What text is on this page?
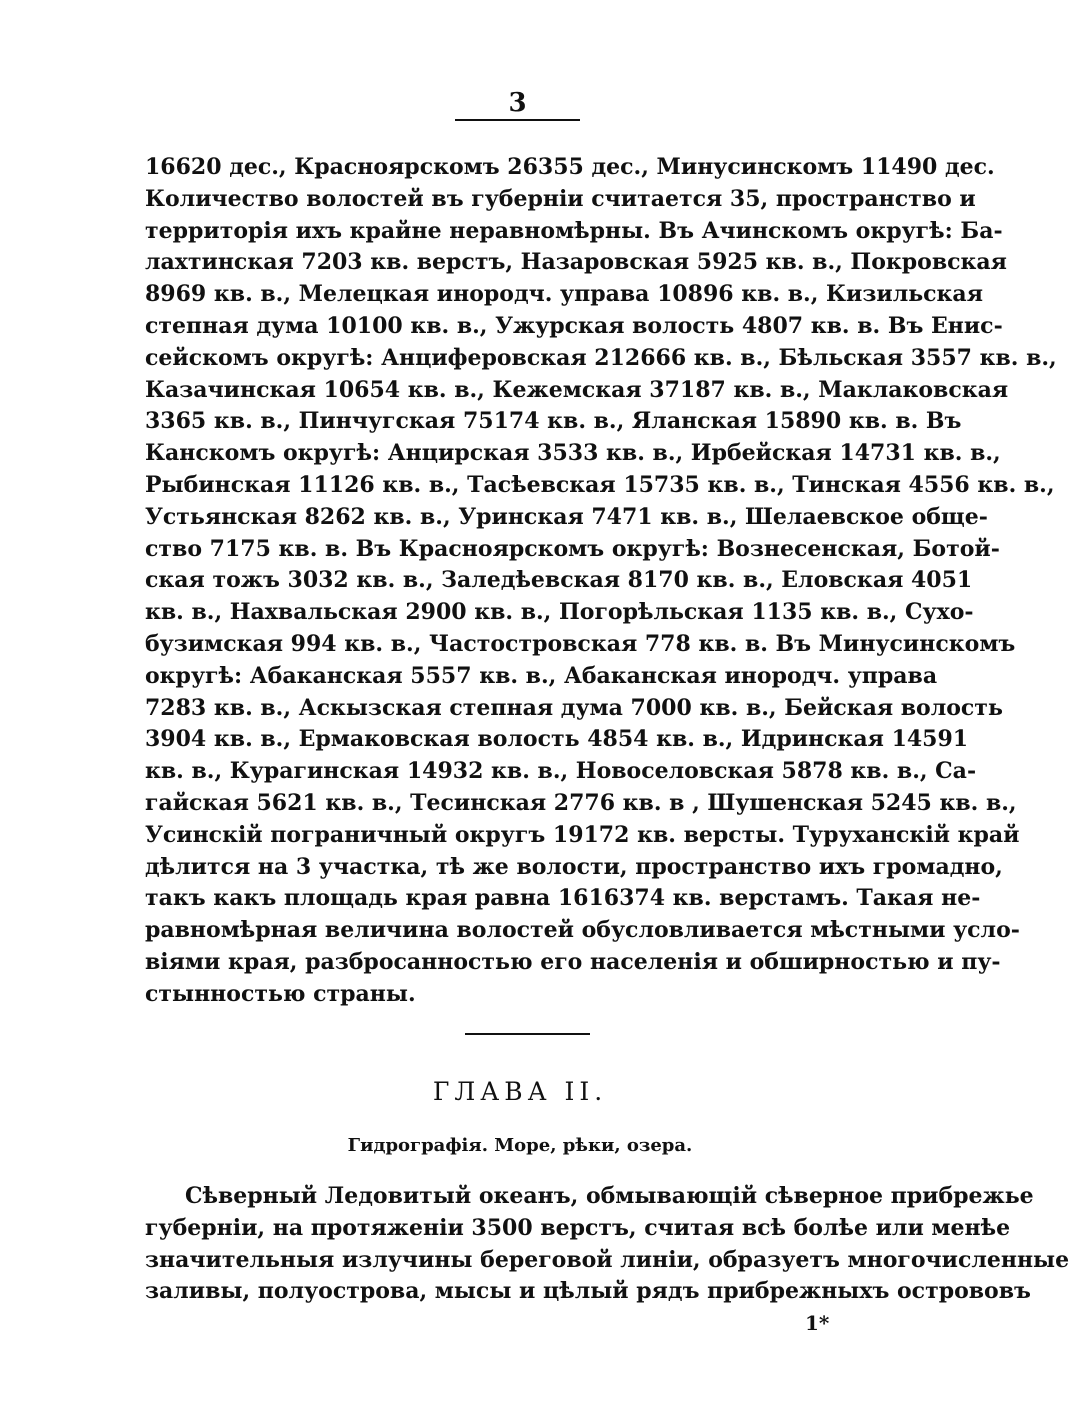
3
16620 дес., Красноярскомъ 26355 дес., Минусинскомъ 11490 дес.
Количество волостей въ губерніи считается 35, пространство и
территорія ихъ крайне неравномѣрны. Въ Ачинскомъ округѣ: Ба-
лахтинская 7203 кв. верстъ, Назаровская 5925 кв. в., Покровская
8969 кв. в., Мелецкая инородч. управа 10896 кв. в., Кизильская
степная дума 10100 кв. в., Ужурская волость 4807 кв. в. Въ Енис-
сейскомъ округѣ: Анциферовская 212666 кв. в., Бѣльская 3557 кв. в.,
Казачинская 10654 кв. в., Кежемская 37187 кв. в., Маклаковская
3365 кв. в., Пинчугская 75174 кв. в., Яланская 15890 кв. в. Въ
Канскомъ округѣ: Анцирская 3533 кв. в., Ирбейская 14731 кв. в.,
Рыбинская 11126 кв. в., Тасѣевская 15735 кв. в., Тинская 4556 кв. в.,
Устьянская 8262 кв. в., Уринская 7471 кв. в., Шелаевское обще-
ство 7175 кв. в. Въ Красноярскомъ округѣ: Вознесенская, Ботой-
ская тожъ 3032 кв. в., Заледѣевская 8170 кв. в., Еловская 4051
кв. в., Нахвальская 2900 кв. в., Погорѣльская 1135 кв. в., Сухо-
бузимская 994 кв. в., Частостровская 778 кв. в. Въ Минусинскомъ
округѣ: Абаканская 5557 кв. в., Абаканская инородч. управа
7283 кв. в., Аскызская степная дума 7000 кв. в., Бейская волость
3904 кв. в., Ермаковская волость 4854 кв. в., Идринская 14591
кв. в., Курагинская 14932 кв. в., Новоселовская 5878 кв. в., Са-
гайская 5621 кв. в., Тесинская 2776 кв. в , Шушенская 5245 кв. в.,
Усинскій пограничный округъ 19172 кв. версты. Туруханскій край
дѣлится на 3 участка, тѣ же волости, пространство ихъ громадно,
такъ какъ площадь края равна 1616374 кв. верстамъ. Такая не-
равномѣрная величина волостей обусловливается мѣстными усло-
віями края, разбросанностью его населенія и обширностью и пу-
стынностью страны.
ГЛАВА II.
Гидрографія. Море, рѣки, озера.
Сѣверный Ледовитый океанъ, обмывающій сѣверное прибрежье
губерніи, на протяженіи 3500 верстъ, считая всѣ болѣе или менѣе
значительныя излучины береговой линіи, образуетъ многочисленные
заливы, полуострова, мысы и цѣлый рядъ прибрежныхъ острововъ
1*
